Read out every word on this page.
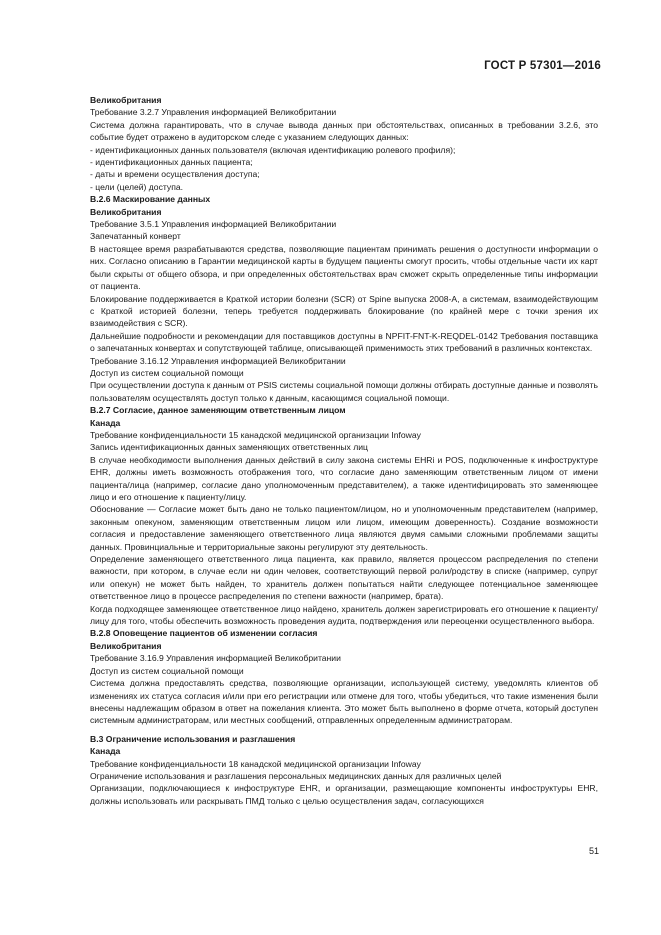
ГОСТ Р 57301—2016

Великобритания

Требование 3.2.7 Управления информацией Великобритании

Система должна гарантировать, что в случае вывода данных при обстоятельствах, описанных в требовании 3.2.6, это событие будет отражено в аудиторском следе с указанием следующих данных:

- идентификационных данных пользователя (включая идентификацию ролевого профиля);

- идентификационных данных пациента;

- даты и времени осуществления доступа;

- цели (целей) доступа.

В.2.6 Маскирование данных

Великобритания

Требование 3.5.1 Управления информацией Великобритании

Запечатанный конверт

В настоящее время разрабатываются средства, позволяющие пациентам принимать решения о доступности информации о них. Согласно описанию в Гарантии медицинской карты в будущем пациенты смогут просить, чтобы отдельные части их карт были скрыты от общего обзора, и при определенных обстоятельствах врач сможет скрыть определенные типы информации от пациента.

Блокирование поддерживается в Краткой истории болезни (SCR) от Spine выпуска 2008-А, а системам, взаимодействующим с Краткой историей болезни, теперь требуется поддерживать блокирование (по крайней мере с точки зрения их взаимодействия с SCR).

Дальнейшие подробности и рекомендации для поставщиков доступны в NPFIT-FNT-K-REQDEL-0142 Требования поставщика о запечатанных конвертах и сопутствующей таблице, описывающей применимость этих требований в различных контекстах.

Требование 3.16.12 Управления информацией Великобритании

Доступ из систем социальной помощи

При осуществлении доступа к данным от PSIS системы социальной помощи должны отбирать доступные данные и позволять пользователям осуществлять доступ только к данным, касающимся социальной помощи.

В.2.7 Согласие, данное заменяющим ответственным лицом

Канада

Требование конфиденциальности 15 канадской медицинской организации Infoway

Запись идентификационных данных заменяющих ответственных лиц

В случае необходимости выполнения данных действий в силу закона системы EHRi и POS, подключенные к инфоструктуре EHR, должны иметь возможность отображения того, что согласие дано заменяющим ответственным лицом от имени пациента/лица (например, согласие дано уполномоченным представителем), а также идентифицировать это заменяющее лицо и его отношение к пациенту/лицу.

Обоснование — Согласие может быть дано не только пациентом/лицом, но и уполномоченным представителем (например, законным опекуном, заменяющим ответственным лицом или лицом, имеющим доверенность). Создание возможности согласия и предоставление заменяющего ответственного лица являются двумя самыми сложными проблемами защиты данных. Провинциальные и территориальные законы регулируют эту деятельность.

Определение заменяющего ответственного лица пациента, как правило, является процессом распределения по степени важности, при котором, в случае если ни один человек, соответствующий первой роли/родству в списке (например, супруг или опекун) не может быть найден, то хранитель должен попытаться найти следующее потенциальное заменяющее ответственное лицо в процессе распределения по степени важности (например, брата).

Когда подходящее заменяющее ответственное лицо найдено, хранитель должен зарегистрировать его отношение к пациенту/лицу для того, чтобы обеспечить возможность проведения аудита, подтверждения или переоценки осуществленного выбора.

В.2.8 Оповещение пациентов об изменении согласия

Великобритания

Требование 3.16.9 Управления информацией Великобритании

Доступ из систем социальной помощи

Система должна предоставлять средства, позволяющие организации, использующей систему, уведомлять клиентов об изменениях их статуса согласия и/или при его регистрации или отмене для того, чтобы убедиться, что такие изменения были внесены надлежащим образом в ответ на пожелания клиента. Это может быть выполнено в форме отчета, который доступен системным администраторам, или местных сообщений, отправленных определенным администраторам.

В.3 Ограничение использования и разглашения

Канада

Требование конфиденциальности 18 канадской медицинской организации Infoway

Ограничение использования и разглашения персональных медицинских данных для различных целей

Организации, подключающиеся к инфоструктуре EHR, и организации, размещающие компоненты инфоструктуры EHR, должны использовать или раскрывать ПМД только с целью осуществления задач, согласующихся

51
